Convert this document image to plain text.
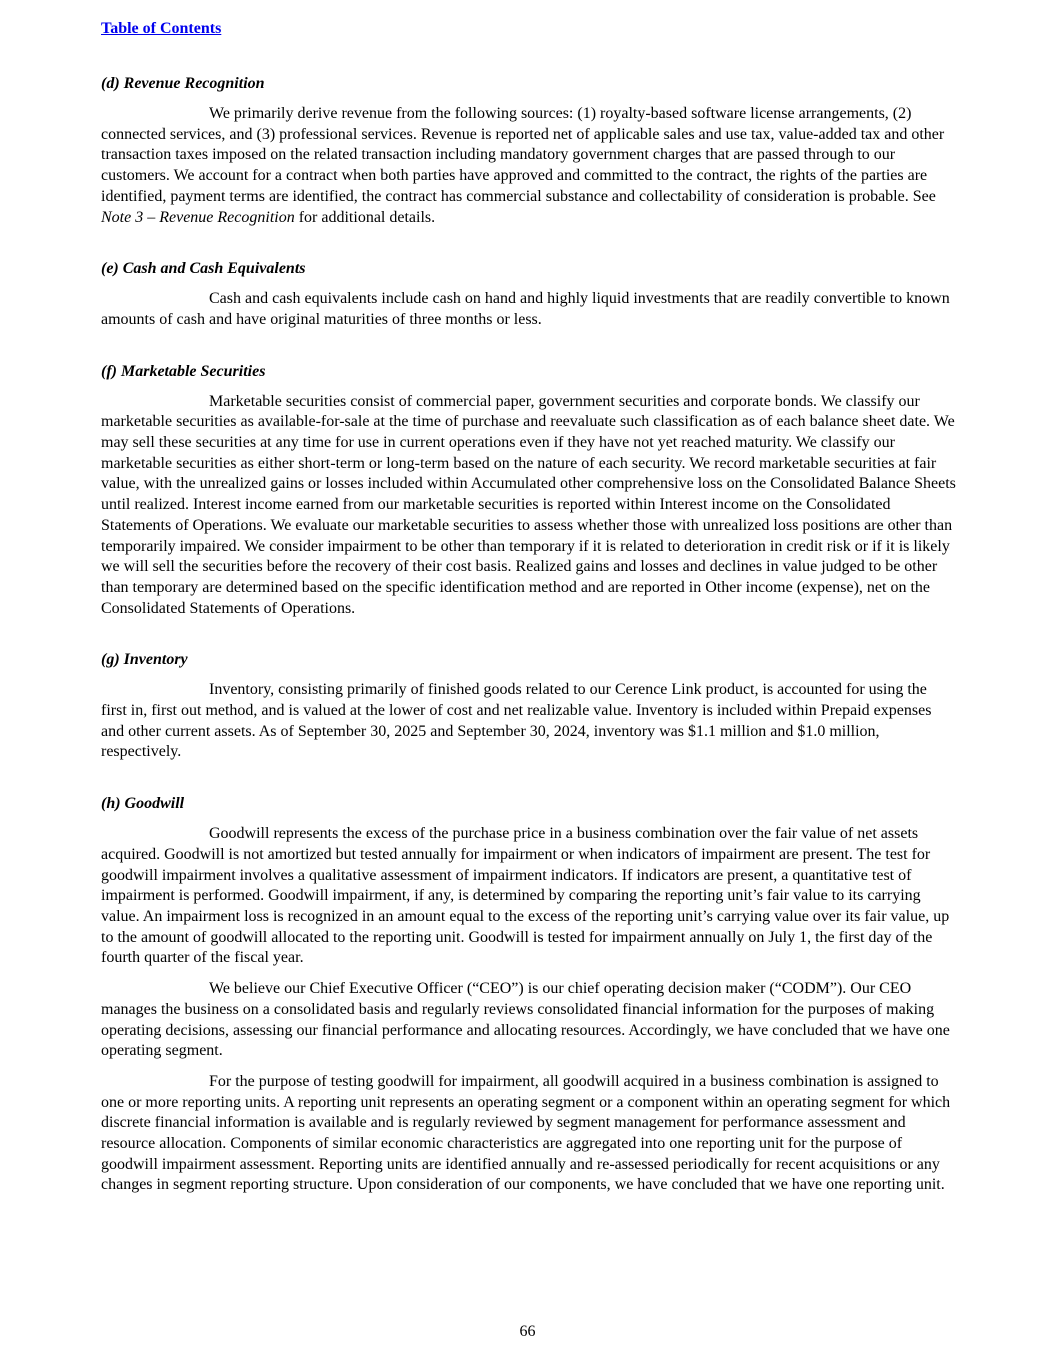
Table of Contents
(d) Revenue Recognition

We primarily derive revenue from the following sources: (1) royalty-based software license arrangements, (2) connected services, and (3) professional services. Revenue is reported net of applicable sales and use tax, value-added tax and other transaction taxes imposed on the related transaction including mandatory government charges that are passed through to our customers. We account for a contract when both parties have approved and committed to the contract, the rights of the parties are identified, payment terms are identified, the contract has commercial substance and collectability of consideration is probable. See Note 3 – Revenue Recognition for additional details.

(e) Cash and Cash Equivalents

Cash and cash equivalents include cash on hand and highly liquid investments that are readily convertible to known amounts of cash and have original maturities of three months or less.

(f) Marketable Securities

Marketable securities consist of commercial paper, government securities and corporate bonds. We classify our marketable securities as available-for-sale at the time of purchase and reevaluate such classification as of each balance sheet date. We may sell these securities at any time for use in current operations even if they have not yet reached maturity. We classify our marketable securities as either short-term or long-term based on the nature of each security. We record marketable securities at fair value, with the unrealized gains or losses included within Accumulated other comprehensive loss on the Consolidated Balance Sheets until realized. Interest income earned from our marketable securities is reported within Interest income on the Consolidated Statements of Operations. We evaluate our marketable securities to assess whether those with unrealized loss positions are other than temporarily impaired. We consider impairment to be other than temporary if it is related to deterioration in credit risk or if it is likely we will sell the securities before the recovery of their cost basis. Realized gains and losses and declines in value judged to be other than temporary are determined based on the specific identification method and are reported in Other income (expense), net on the Consolidated Statements of Operations.

(g) Inventory

Inventory, consisting primarily of finished goods related to our Cerence Link product, is accounted for using the first in, first out method, and is valued at the lower of cost and net realizable value. Inventory is included within Prepaid expenses and other current assets. As of September 30, 2025 and September 30, 2024, inventory was $1.1 million and $1.0 million, respectively.

(h) Goodwill

Goodwill represents the excess of the purchase price in a business combination over the fair value of net assets acquired. Goodwill is not amortized but tested annually for impairment or when indicators of impairment are present. The test for goodwill impairment involves a qualitative assessment of impairment indicators. If indicators are present, a quantitative test of impairment is performed. Goodwill impairment, if any, is determined by comparing the reporting unit’s fair value to its carrying value. An impairment loss is recognized in an amount equal to the excess of the reporting unit’s carrying value over its fair value, up to the amount of goodwill allocated to the reporting unit. Goodwill is tested for impairment annually on July 1, the first day of the fourth quarter of the fiscal year.

We believe our Chief Executive Officer (“CEO”) is our chief operating decision maker (“CODM”). Our CEO manages the business on a consolidated basis and regularly reviews consolidated financial information for the purposes of making operating decisions, assessing our financial performance and allocating resources. Accordingly, we have concluded that we have one operating segment.

For the purpose of testing goodwill for impairment, all goodwill acquired in a business combination is assigned to one or more reporting units. A reporting unit represents an operating segment or a component within an operating segment for which discrete financial information is available and is regularly reviewed by segment management for performance assessment and resource allocation. Components of similar economic characteristics are aggregated into one reporting unit for the purpose of goodwill impairment assessment. Reporting units are identified annually and re-assessed periodically for recent acquisitions or any changes in segment reporting structure. Upon consideration of our components, we have concluded that we have one reporting unit.

66
